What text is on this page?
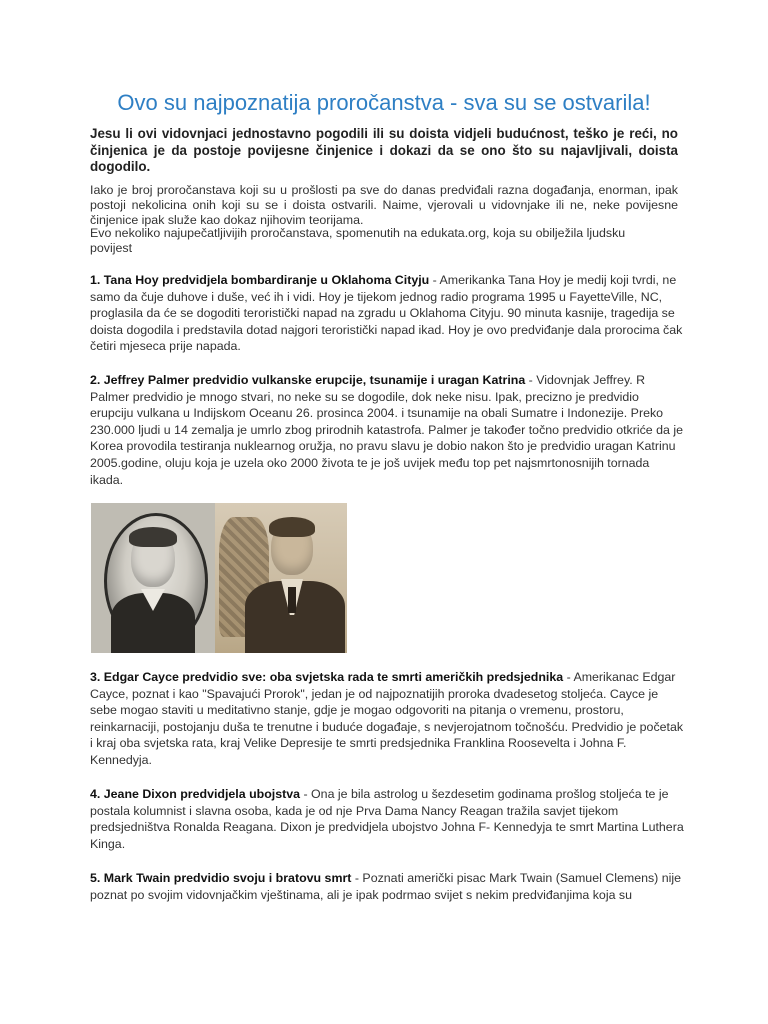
Ovo su najpoznatija proročanstva - sva su se ostvarila!

Jesu li ovi vidovnjaci jednostavno pogodili ili su doista vidjeli budućnost, teško je reći, no činjenica je da postoje povijesne činjenice i dokazi da se ono što su najavljivali, doista dogodilo.

Iako je broj proročanstava koji su u prošlosti pa sve do danas predviđali razna događanja, enorman, ipak postoji nekolicina onih koji su se i doista ostvarili. Naime, vjerovali u vidovnjake ili ne, neke povijesne činjenice ipak služe kao dokaz njihovim teorijama.

Evo nekoliko najupečatljivijih proročanstava, spomenutih na edukata.org, koja su obilježila ljudsku povijest

1. Tana Hoy predvidjela bombardiranje u Oklahoma Cityju - Amerikanka Tana Hoy je medij koji tvrdi, ne samo da čuje duhove i duše, već ih i vidi. Hoy je tijekom jednog radio programa 1995 u FayetteVille, NC, proglasila da će se dogoditi teroristički napad na zgradu u Oklahoma Cityju. 90 minuta kasnije, tragedija se doista dogodila i predstavila dotad najgori teroristički napad ikad. Hoy je ovo predviđanje dala prorocima čak četiri mjeseca prije napada.

2. Jeffrey Palmer predvidio vulkanske erupcije, tsunamije i uragan Katrina - Vidovnjak Jeffrey. R Palmer predvidio je mnogo stvari, no neke su se dogodile, dok neke nisu. Ipak, precizno je predvidio erupciju vulkana u Indijskom Oceanu 26. prosinca 2004. i tsunamije na obali Sumatre i Indonezije. Preko 230.000 ljudi u 14 zemalja je umrlo zbog prirodnih katastrofa. Palmer je također točno predvidio otkriće da je Korea provodila testiranja nuklearnog oružja, no pravu slavu je dobio nakon što je predvidio uragan Katrinu 2005.godine, oluju koja je uzela oko 2000 života te je još uvijek među top pet najsmrtonosnijih tornada ikada.

3. Edgar Cayce predvidio sve: oba svjetska rada te smrti američkih predsjednika - Amerikanac Edgar Cayce, poznat i kao "Spavajući Prorok", jedan je od najpoznatijih proroka dvadesetog stoljeća. Cayce je sebe mogao staviti u meditativno stanje, gdje je mogao odgovoriti na pitanja o vremenu, prostoru, reinkarnaciji, postojanju duša te trenutne i buduće događaje, s nevjerojatnom točnošću. Predvidio je početak i kraj oba svjetska rata, kraj Velike Depresije te smrti predsjednika Franklina Roosevelta i Johna F. Kennedyja.

4. Jeane Dixon predvidjela ubojstva - Ona je bila astrolog u šezdesetim godinama prošlog stoljeća te je postala kolumnist i slavna osoba, kada je od nje Prva Dama Nancy Reagan tražila savjet tijekom predsjedništva Ronalda Reagana. Dixon je predvidjela ubojstvo Johna F- Kennedyja te smrt Martina Luthera Kinga.

5. Mark Twain predvidio svoju i bratovu smrt - Poznati američki pisac Mark Twain (Samuel Clemens) nije poznat po svojim vidovnjačkim vještinama, ali je ipak podrmao svijet s nekim predviđanjima koja su
